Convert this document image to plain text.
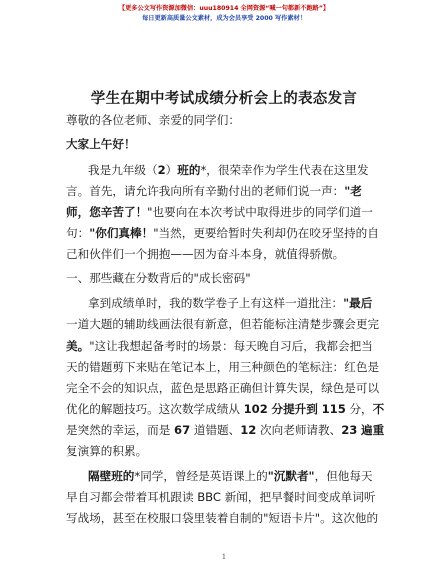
【更多公文写作资源加微信：uuu180914 全网资源“喊一句都新不跑路”】
每日更新高质量公文素材，成为会员享受 2000 写作素材！
学生在期中考试成绩分析会上的表态发言
尊敬的各位老师、亲爱的同学们：
大家上午好！
我是九年级（2）班的*，很荣幸作为学生代表在这里发
言。首先，请允许我向所有辛勤付出的老师们说一声："老
师，您辛苦了！"也要向在本次考试中取得进步的同学们道一
句："你们真棒！"当然，更要给暂时失利却仍在咬牙坚持的自
己和伙伴们一个拥抱——因为奋斗本身，就值得骄傲。
一、那些藏在分数背后的"成长密码"
拿到成绩单时，我的数学卷子上有这样一道批注："最后
一道大题的辅助线画法很有新意，但若能标注清楚步骤会更完
美。"这让我想起备考时的场景：每天晚自习后，我都会把当
天的错题剪下来贴在笔记本上，用三种颜色的笔标注：红色是
完全不会的知识点，蓝色是思路正确但计算失误，绿色是可以
优化的解题技巧。这次数学成绩从 102 分提升到 115 分，不
是突然的幸运，而是 67 道错题、12 次向老师请教、23 遍重
复演算的积累。
隔壁班的*同学，曾经是英语课上的"沉默者"，但他每天
早自习都会带着耳机跟读 BBC 新闻，把早餐时间变成单词听
写战场，甚至在校服口袋里装着自制的"短语卡片"。这次他的
1
